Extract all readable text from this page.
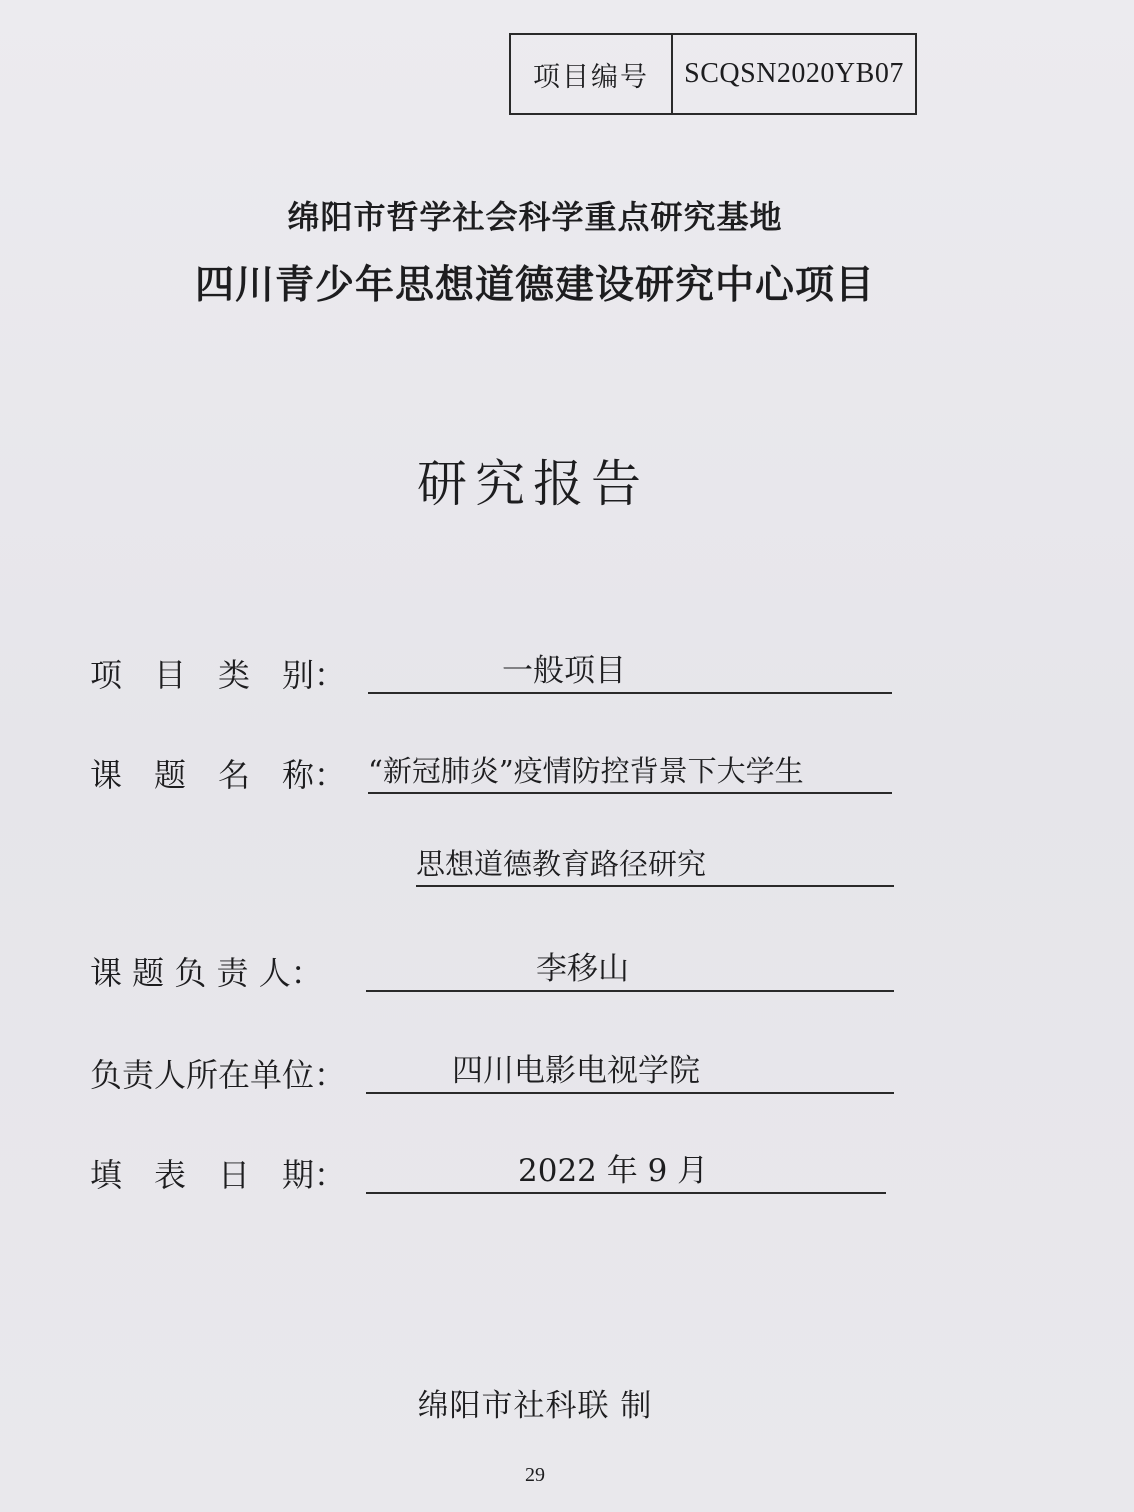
项目编号	SCQSN2020YB07
绵阳市哲学社会科学重点研究基地
四川青少年思想道德建设研究中心项目
研究报告
项　目　类　别：	一般项目
课　题　名　称： “新冠肺炎”疫情防控背景下大学生
思想道德教育路径研究
课 题 负 责 人：	李移山
负责人所在单位：	四川电影电视学院
填　表　日　期：	2022 年 9 月
绵阳市社科联 制
29
